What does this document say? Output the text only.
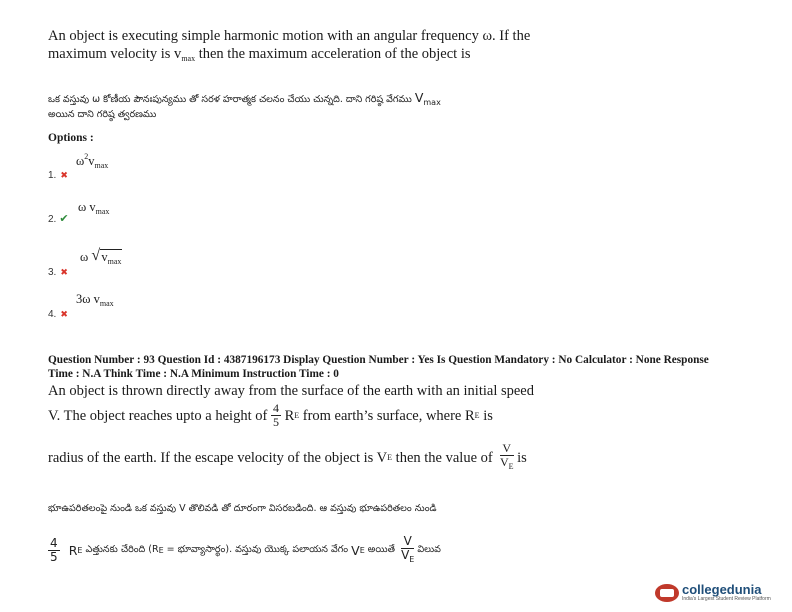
An object is executing simple harmonic motion with an angular frequency ω. If the
maximum velocity is $v_{max}$ then the maximum acceleration of the object is
ఒక వస్తువు ω కోణీయ పౌనఃపున్యము తో సరళ హరాత్మక చలనం చేయు చున్నది. దాని గరిష్ఠ వేగము $V_{max}$
అయిన దాని గరిష్ఠ త్వరణము
Options :
1. ✖
$\omega^2v_{max}$
2. ✔
ω $v_{max}$
3. ✖
ω √ $v_{max}$
4. ✖
3ω $v_{max}$
Question Number : 93 Question Id : 4387196173 Display Question Number : Yes Is Question Mandatory : No Calculator : None Response
Time : N.A Think Time : N.A Minimum Instruction Time : 0
An object is thrown directly away from the surface of the earth with an initial speed
V. The object reaches upto a height of
$\frac{4}{5}$
R E
from earth’s surface, where R E
is
radius of the earth. If the escape velocity of the object is V E
then the value of
$\frac{V}{V_E}$
is
భూఉపరితలంపై నుండి ఒక వస్తువు V తొలివడి తో దూరంగా విసరబడింది. ఆ వస్తువు భూఉపరితలం నుండి
$\frac{4}{5}$
R E
ఎత్తునకు చేరింది (R E
= భూవ్యాసార్థం). వస్తువు యొక్క పలాయన వేగం
V E
అయితే
$\frac{V}{V_E}$
విలువ
collegedunia
India's Largest Student Review Platform
